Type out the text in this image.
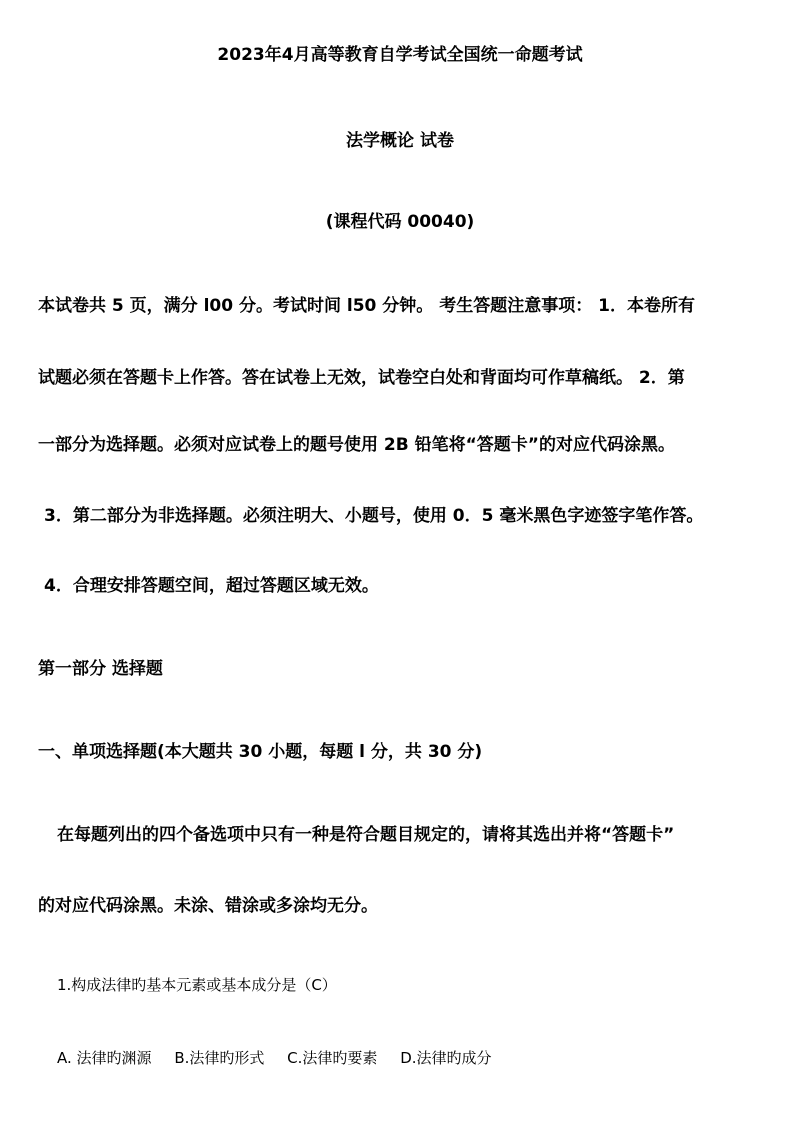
2023年4月高等教育自学考试全国统一命题考试
法学概论 试卷
(课程代码 00040)
本试卷共 5 页，满分 l00 分。考试时间 l50 分钟。 考生答题注意事项： 1．本卷所有
试题必须在答题卡上作答。答在试卷上无效，试卷空白处和背面均可作草稿纸。 2．第
一部分为选择题。必须对应试卷上的题号使用 2B 铅笔将“答题卡”的对应代码涂黑。
3．第二部分为非选择题。必须注明大、小题号，使用 0．5 毫米黑色字迹签字笔作答。
4．合理安排答题空间，超过答题区域无效。
第一部分 选择题
一、单项选择题(本大题共 30 小题，每题 l 分，共 30 分)
在每题列出的四个备选项中只有一种是符合题目规定的，请将其选出并将“答题卡”
的对应代码涂黑。未涂、错涂或多涂均无分。
1.构成法律旳基本元素或基本成分是（C）
A. 法律旳渊源 B.法律旳形式 C.法律旳要素 D.法律旳成分
